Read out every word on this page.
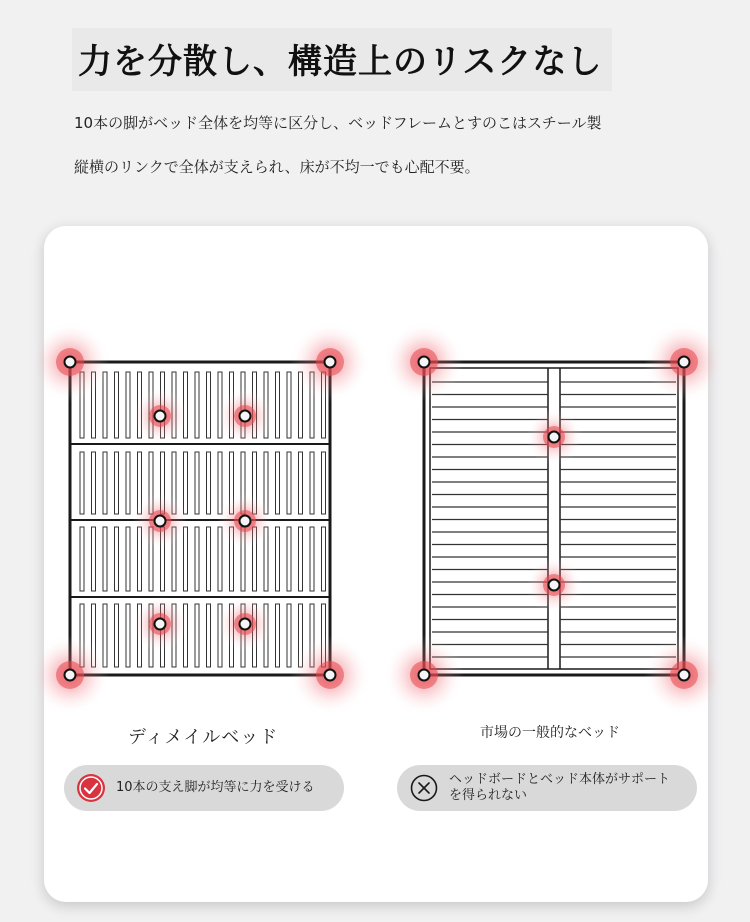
力を分散し、構造上のリスクなし

10本の脚がベッド全体を均等に区分し、ベッドフレームとすのこはスチール製

縦横のリンクで全体が支えられ、床が不均一でも心配不要。

ディメイルベッド	市場の一般的なベッド

10本の支え脚が均等に力を受ける
ヘッドボードとベッド本体がサポートを得られない
